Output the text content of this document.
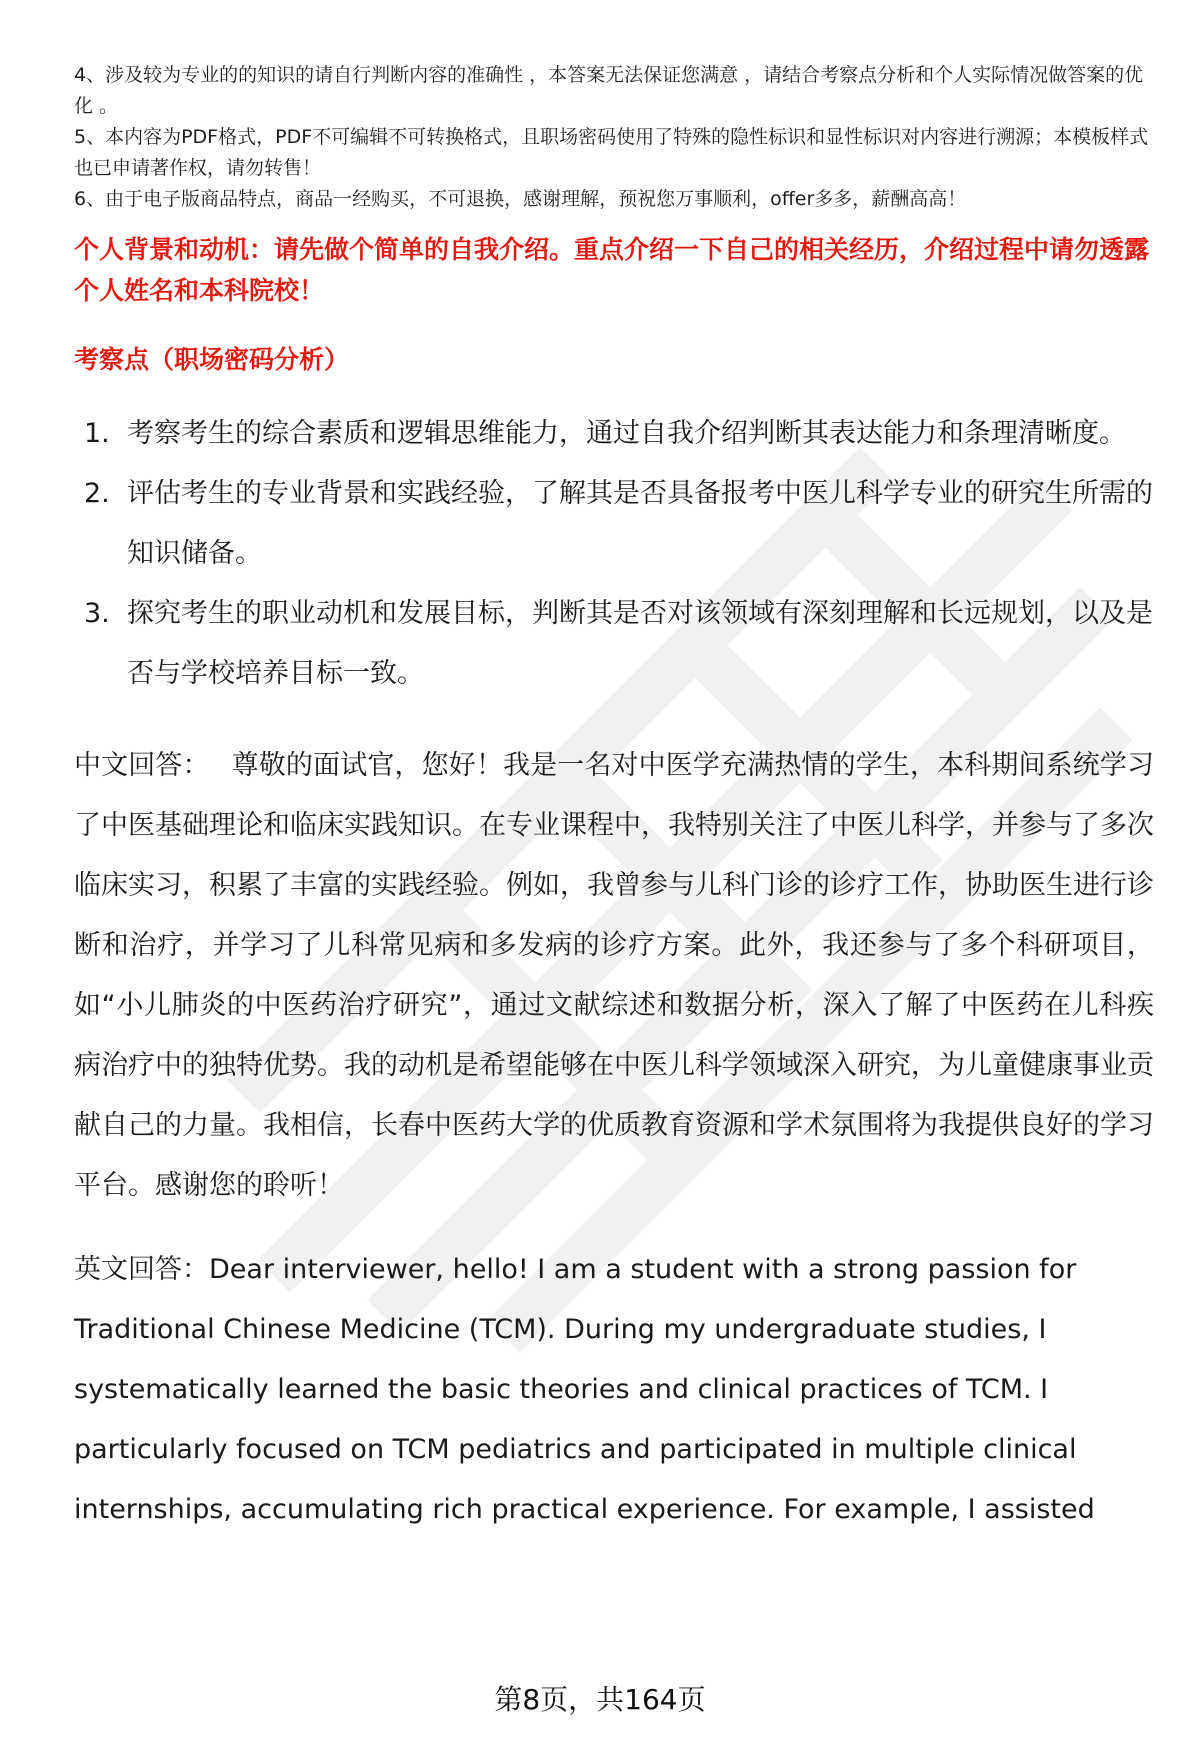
4、涉及较为专业的的知识的请自行判断内容的准确性 ，本答案无法保证您满意 ，请结合考察点分析和个人实际情况做答案的优化 。

5、本内容为PDF格式，PDF不可编辑不可转换格式，且职场密码使用了特殊的隐性标识和显性标识对内容进行溯源；本模板样式也已申请著作权，请勿转售！

6、由于电子版商品特点，商品一经购买，不可退换，感谢理解，预祝您万事顺利，offer多多，薪酬高高！

个人背景和动机：请先做个简单的自我介绍。重点介绍一下自己的相关经历，介绍过程中请勿透露个人姓名和本科院校！
考察点（职场密码分析）
1. 考察考生的综合素质和逻辑思维能力，通过自我介绍判断其表达能力和条理清晰度。
2. 评估考生的专业背景和实践经验，了解其是否具备报考中医儿科学专业的研究生所需的知识储备。
3. 探究考生的职业动机和发展目标，判断其是否对该领域有深刻理解和长远规划，以及是否与学校培养目标一致。

中文回答： 尊敬的面试官，您好！我是一名对中医学充满热情的学生，本科期间系统学习了中医基础理论和临床实践知识。在专业课程中，我特别关注了中医儿科学，并参与了多次临床实习，积累了丰富的实践经验。例如，我曾参与儿科门诊的诊疗工作，协助医生进行诊断和治疗，并学习了儿科常见病和多发病的诊疗方案。此外，我还参与了多个科研项目，如“小儿肺炎的中医药治疗研究”，通过文献综述和数据分析，深入了解了中医药在儿科疾病治疗中的独特优势。我的动机是希望能够在中医儿科学领域深入研究，为儿童健康事业贡献自己的力量。我相信，长春中医药大学的优质教育资源和学术氛围将为我提供良好的学习平台。感谢您的聆听！

英文回答：Dear interviewer, hello! I am a student with a strong passion for Traditional Chinese Medicine (TCM). During my undergraduate studies, I systematically learned the basic theories and clinical practices of TCM. I particularly focused on TCM pediatrics and participated in multiple clinical internships, accumulating rich practical experience. For example, I assisted

第8页，共164页
